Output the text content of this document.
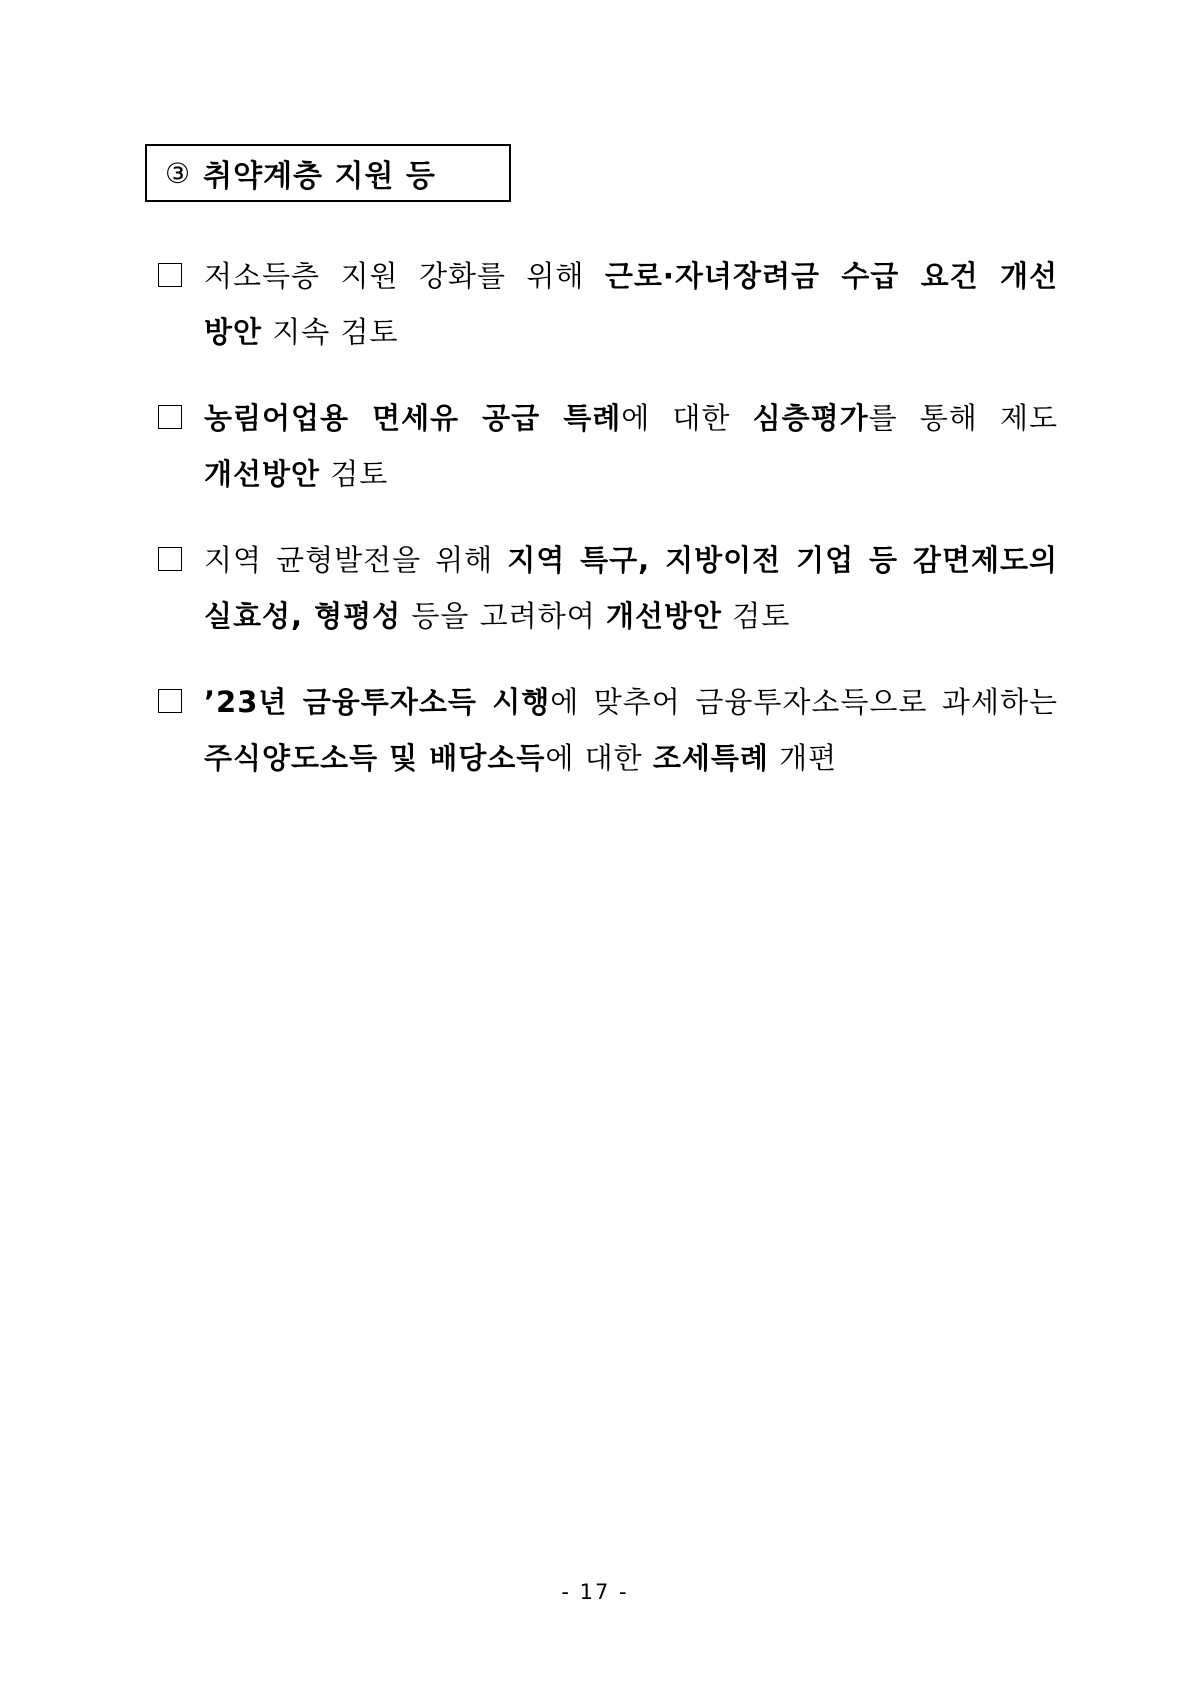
③ 취약계층 지원 등
저소득층 지원 강화를 위해 근로·자녀장려금 수급 요건 개선
방안 지속 검토
농림어업용 면세유 공급 특례에 대한 심층평가를 통해 제도
개선방안 검토
지역 균형발전을 위해 지역 특구, 지방이전 기업 등 감면제도의
실효성, 형평성 등을 고려하여 개선방안 검토
’23년 금융투자소득 시행에 맞추어 금융투자소득으로 과세하는
주식양도소득 및 배당소득에 대한 조세특례 개편
- 17 -
